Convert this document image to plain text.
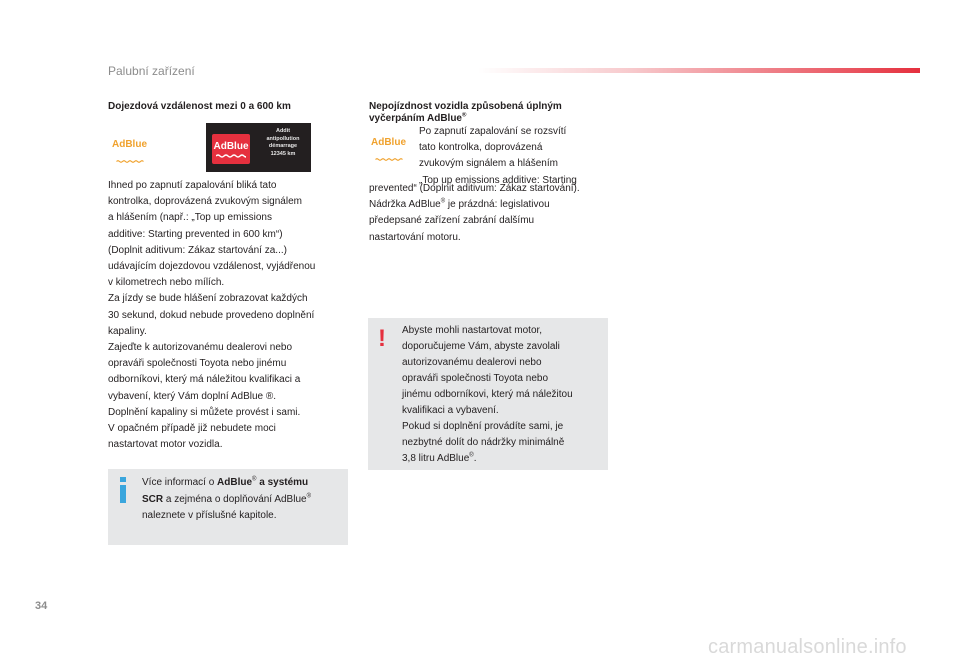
Palubní zařízení
Dojezdová vzdálenost mezi 0 a 600 km
AdBlue	AdBlue
Addit
antipollution
démarrage
12345 km
Ihned po zapnutí zapalování bliká tato
kontrolka, doprovázená zvukovým signálem
a hlášením (např.: „Top up emissions
additive: Starting prevented in 600 km“)
(Doplnit aditivum: Zákaz startování za...)
udávajícím dojezdovou vzdálenost, vyjádřenou
v kilometrech nebo mílích.
Za jízdy se bude hlášení zobrazovat každých
30 sekund, dokud nebude provedeno doplnění
kapaliny.
Zajeďte k autorizovanému dealerovi nebo
opraváři společnosti Toyota nebo jinému
odborníkovi, který má náležitou kvalifikaci a
vybavení, který Vám doplní AdBlue ®.
Doplnění kapaliny si můžete provést i sami.
V opačném případě již nebudete moci
nastartovat motor vozidla.
Více informací o AdBlue® a systému
SCR a zejména o doplňování AdBlue®
naleznete v příslušné kapitole.
Nepojízdnost vozidla způsobená úplným
vyčerpáním AdBlue®
AdBlue
Po zapnutí zapalování se rozsvítí
tato kontrolka, doprovázená
zvukovým signálem a hlášením
„Top up emissions additive: Starting
prevented“ (Doplnit aditivum: Zákaz startování).
Nádržka AdBlue® je prázdná: legislativou
předepsané zařízení zabrání dalšímu
nastartování motoru.
! Abyste mohli nastartovat motor,
doporučujeme Vám, abyste zavolali
autorizovanému dealerovi nebo
opraváři společnosti Toyota nebo
jinému odborníkovi, který má náležitou
kvalifikaci a vybavení.
Pokud si doplnění provádíte sami, je
nezbytné dolít do nádržky minimálně
3,8 litru AdBlue®.
34
carmanualsonline.info
